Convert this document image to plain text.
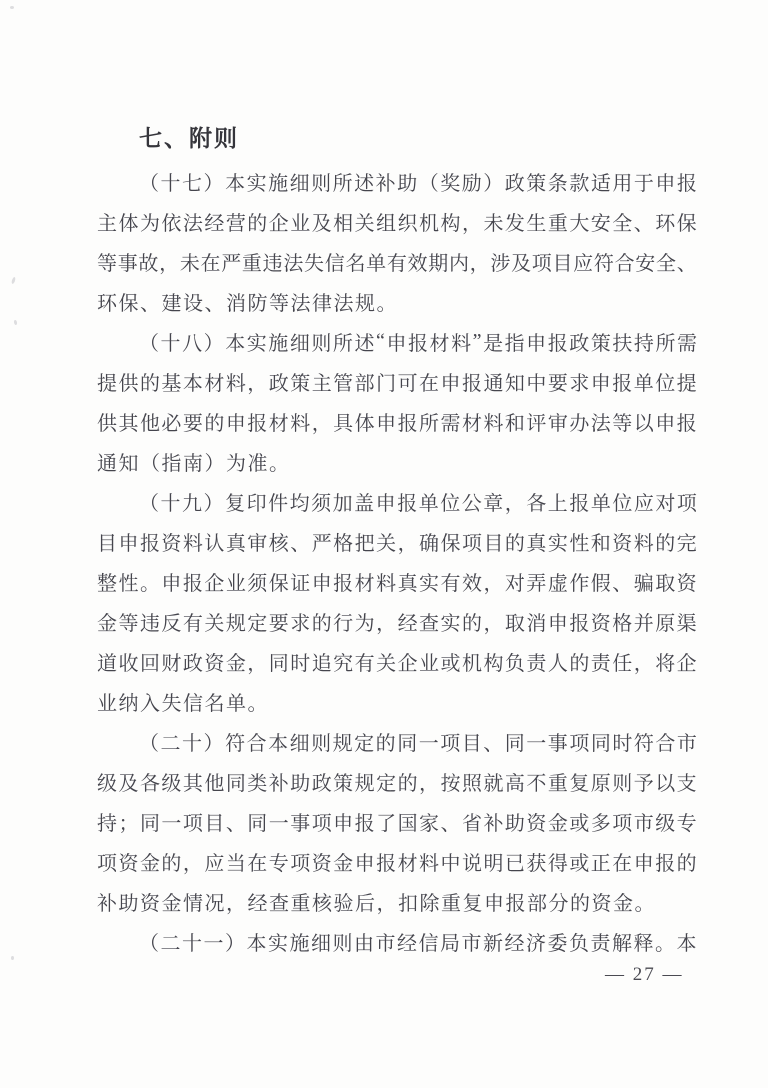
七、附则
（ 十 七 ） 本 实 施 细 则 所 述 补 助 （ 奖 励 ） 政 策 条 款 适 用 于 申 报
主 体 为 依 法 经 营 的 企 业 及 相 关 组 织 机 构 ， 未 发 生 重 大 安 全 、 环 保
等 事 故 ， 未 在 严 重 违 法 失 信 名 单 有 效 期 内 ， 涉 及 项 目 应 符 合 安 全 、
环 保 、 建 设 、 消 防 等 法 律 法 规 。
（ 十 八 ） 本 实 施 细 则 所 述 “ 申 报 材 料 ” 是 指 申 报 政 策 扶 持 所 需
提 供 的 基 本 材 料 ， 政 策 主 管 部 门 可 在 申 报 通 知 中 要 求 申 报 单 位 提
供 其 他 必 要 的 申 报 材 料 ， 具 体 申 报 所 需 材 料 和 评 审 办 法 等 以 申 报
通 知 （ 指 南 ） 为 准 。
（ 十 九 ） 复 印 件 均 须 加 盖 申 报 单 位 公 章 ， 各 上 报 单 位 应 对 项
目 申 报 资 料 认 真 审 核 、 严 格 把 关 ， 确 保 项 目 的 真 实 性 和 资 料 的 完
整 性 。 申 报 企 业 须 保 证 申 报 材 料 真 实 有 效 ， 对 弄 虚 作 假 、 骗 取 资
金 等 违 反 有 关 规 定 要 求 的 行 为 ， 经 查 实 的 ， 取 消 申 报 资 格 并 原 渠
道 收 回 财 政 资 金 ， 同 时 追 究 有 关 企 业 或 机 构 负 责 人 的 责 任 ， 将 企
业 纳 入 失 信 名 单 。
（ 二 十 ） 符 合 本 细 则 规 定 的 同 一 项 目 、 同 一 事 项 同 时 符 合 市
级 及 各 级 其 他 同 类 补 助 政 策 规 定 的 ， 按 照 就 高 不 重 复 原 则 予 以 支
持 ； 同 一 项 目 、 同 一 事 项 申 报 了 国 家 、 省 补 助 资 金 或 多 项 市 级 专
项 资 金 的 ， 应 当 在 专 项 资 金 申 报 材 料 中 说 明 已 获 得 或 正 在 申 报 的
补 助 资 金 情 况 ， 经 查 重 核 验 后 ， 扣 除 重 复 申 报 部 分 的 资 金 。
（ 二 十 一 ） 本 实 施 细 则 由 市 经 信 局 市 新 经 济 委 负 责 解 释 。 本
— 27 —
